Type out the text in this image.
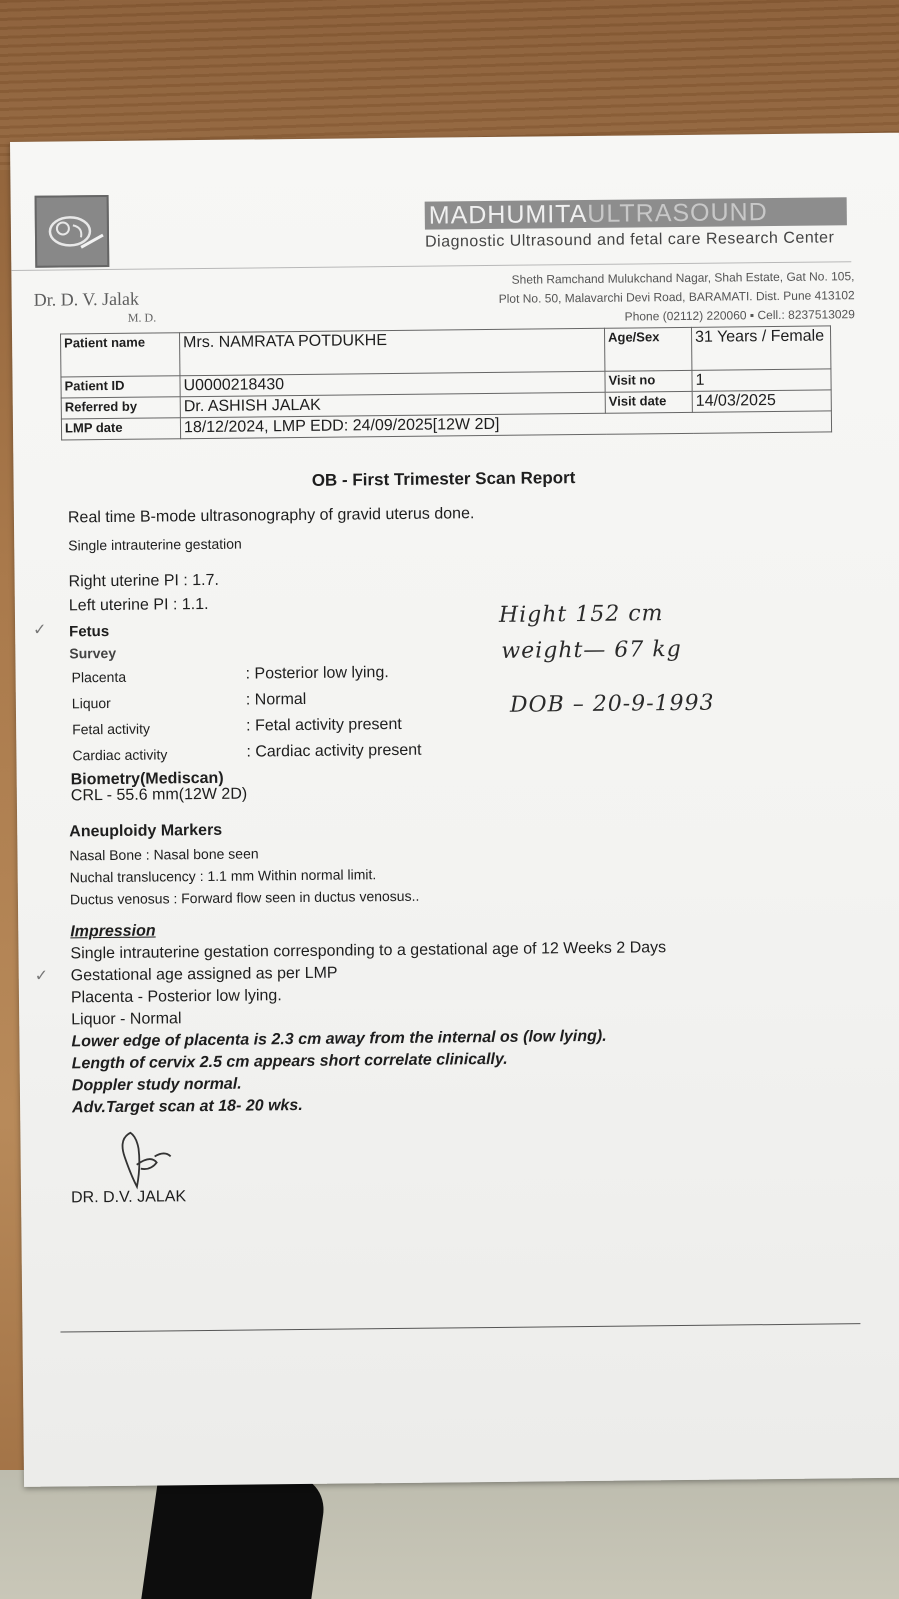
Dr. D. V. Jalak
M. D.
MADHUMITAULTRASOUND
Diagnostic Ultrasound and fetal care Research Center
Sheth Ramchand Mulukchand Nagar, Shah Estate, Gat No. 105,
Plot No. 50, Malavarchi Devi Road, BARAMATI. Dist. Pune 413102
Phone (02112) 220060 ▪ Cell.: 8237513029
Patient name	Mrs. NAMRATA POTDUKHE	Age/Sex	31 Years / Female
Patient ID	U0000218430	Visit no	1
Referred by	Dr. ASHISH JALAK	Visit date	14/03/2025
LMP date	18/12/2024, LMP EDD: 24/09/2025[12W 2D]		
OB - First Trimester Scan Report
Real time B-mode ultrasonography of gravid uterus done.
Single intrauterine gestation
Right uterine PI : 1.7.
Left uterine PI : 1.1.
✓ Fetus
Survey
Placenta	: Posterior low lying.
Liquor	: Normal
Fetal activity	: Fetal activity present
Cardiac activity	: Cardiac activity present
Biometry(Mediscan)
CRL - 55.6 mm(12W 2D)
Aneuploidy Markers
Nasal Bone : Nasal bone seen
Nuchal translucency : 1.1 mm Within normal limit.
Ductus venosus : Forward flow seen in ductus venosus..
Impression
Single intrauterine gestation corresponding to a gestational age of 12 Weeks 2 Days
✓ Gestational age assigned as per LMP
Placenta - Posterior low lying.
Liquor - Normal
Lower edge of placenta is 2.3 cm away from the internal os (low lying).
Length of cervix 2.5 cm appears short correlate clinically.
Doppler study normal.
Adv.Target scan at 18- 20 wks.
DR. D.V. JALAK
Hight 152 cm
weight— 67 kg
DOB – 20-9-1993
